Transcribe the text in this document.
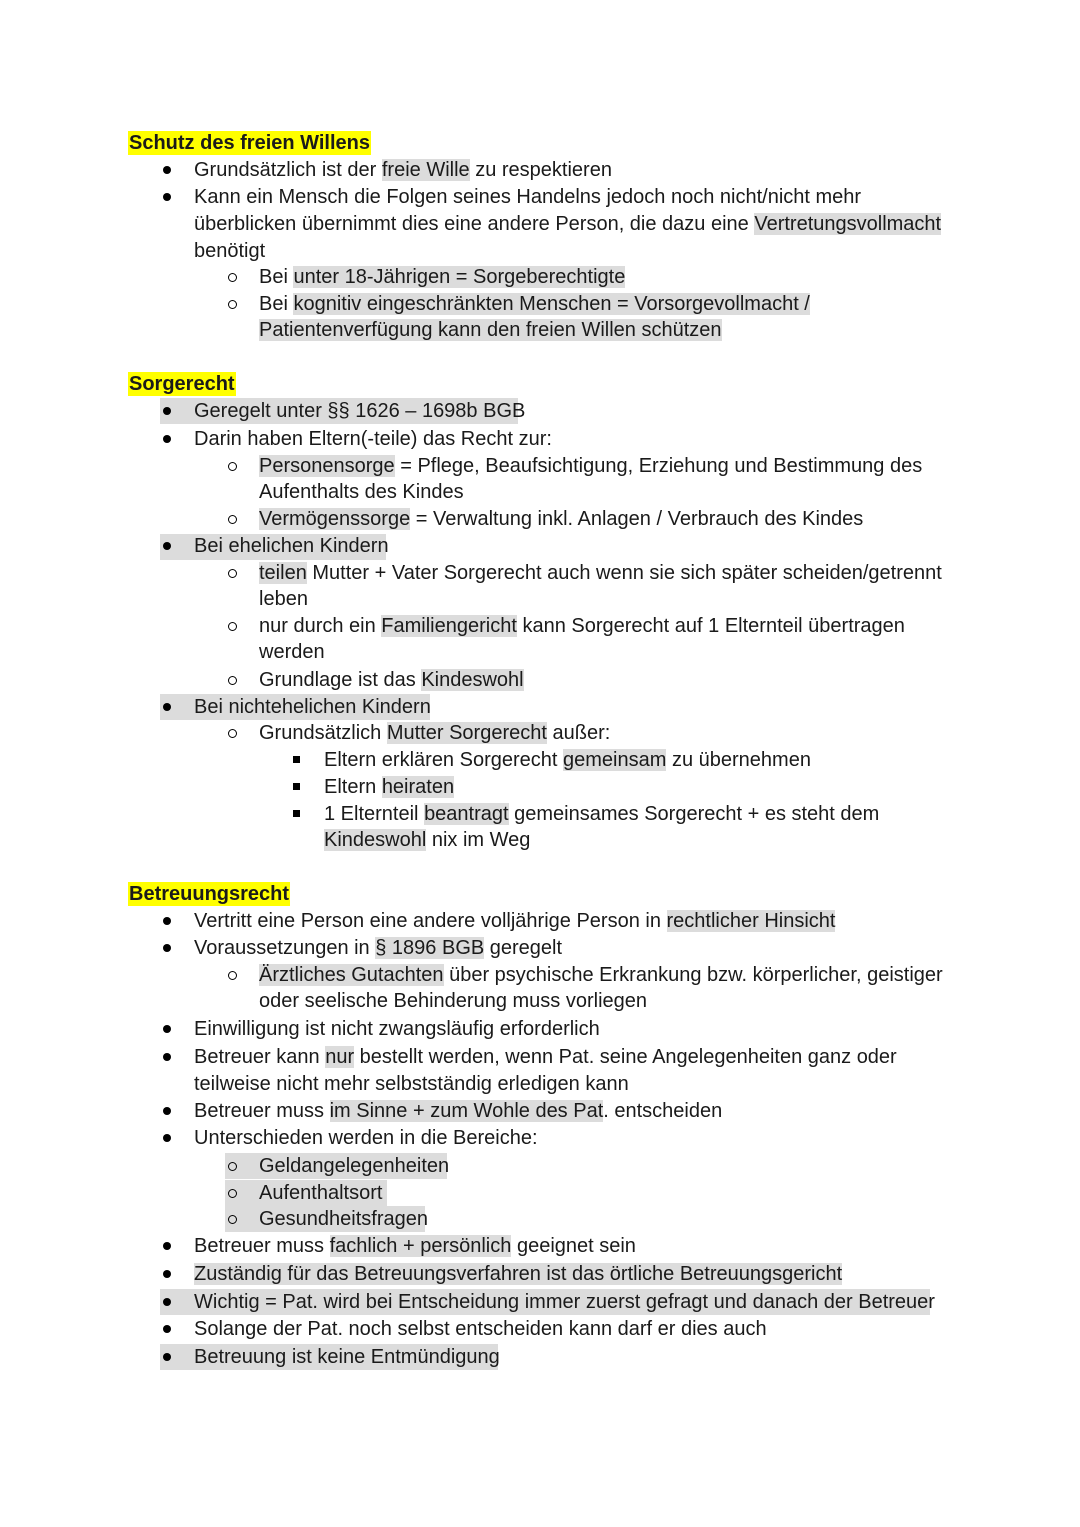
Schutz des freien Willens
Grundsätzlich ist der freie Wille zu respektieren
Kann ein Mensch die Folgen seines Handelns jedoch noch nicht/nicht mehr
überblicken übernimmt dies eine andere Person, die dazu eine Vertretungsvollmacht
benötigt
Bei unter 18-Jährigen = Sorgeberechtigte
Bei kognitiv eingeschränkten Menschen = Vorsorgevollmacht /
Patientenverfügung kann den freien Willen schützen
Sorgerecht
Geregelt unter §§ 1626 – 1698b BGB
Darin haben Eltern(-teile) das Recht zur:
Personensorge = Pflege, Beaufsichtigung, Erziehung und Bestimmung des
Aufenthalts des Kindes
Vermögenssorge = Verwaltung inkl. Anlagen / Verbrauch des Kindes
Bei ehelichen Kindern
teilen Mutter + Vater Sorgerecht auch wenn sie sich später scheiden/getrennt
leben
nur durch ein Familiengericht kann Sorgerecht auf 1 Elternteil übertragen
werden
Grundlage ist das Kindeswohl
Bei nichtehelichen Kindern
Grundsätzlich Mutter Sorgerecht außer:
Eltern erklären Sorgerecht gemeinsam zu übernehmen
Eltern heiraten
1 Elternteil beantragt gemeinsames Sorgerecht + es steht dem
Kindeswohl nix im Weg
Betreuungsrecht
Vertritt eine Person eine andere volljährige Person in rechtlicher Hinsicht
Voraussetzungen in § 1896 BGB geregelt
Ärztliches Gutachten über psychische Erkrankung bzw. körperlicher, geistiger
oder seelische Behinderung muss vorliegen
Einwilligung ist nicht zwangsläufig erforderlich
Betreuer kann nur bestellt werden, wenn Pat. seine Angelegenheiten ganz oder
teilweise nicht mehr selbstständig erledigen kann
Betreuer muss im Sinne + zum Wohle des Pat. entscheiden
Unterschieden werden in die Bereiche:
Geldangelegenheiten
Aufenthaltsort
Gesundheitsfragen
Betreuer muss fachlich + persönlich geeignet sein
Zuständig für das Betreuungsverfahren ist das örtliche Betreuungsgericht
Wichtig = Pat. wird bei Entscheidung immer zuerst gefragt und danach der Betreuer
Solange der Pat. noch selbst entscheiden kann darf er dies auch
Betreuung ist keine Entmündigung
